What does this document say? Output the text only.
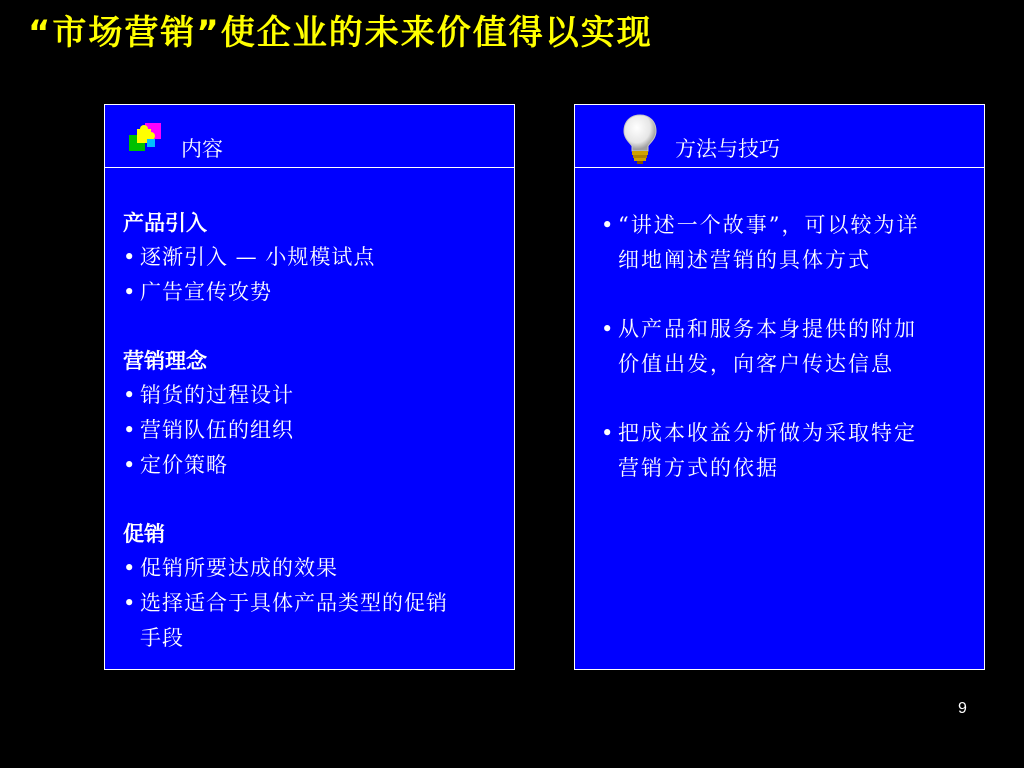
“市场营销”使企业的未来价值得以实现
内容
产品引入
• 逐渐引入 — 小规模试点
• 广告宣传攻势
营销理念
• 销货的过程设计
• 营销队伍的组织
• 定价策略
促销
• 促销所要达成的效果
• 选择适合于具体产品类型的促销手段
方法与技巧
• “讲述一个故事”，可以较为详细地阐述营销的具体方式
• 从产品和服务本身提供的附加价值出发，向客户传达信息
• 把成本收益分析做为采取特定营销方式的依据
9
